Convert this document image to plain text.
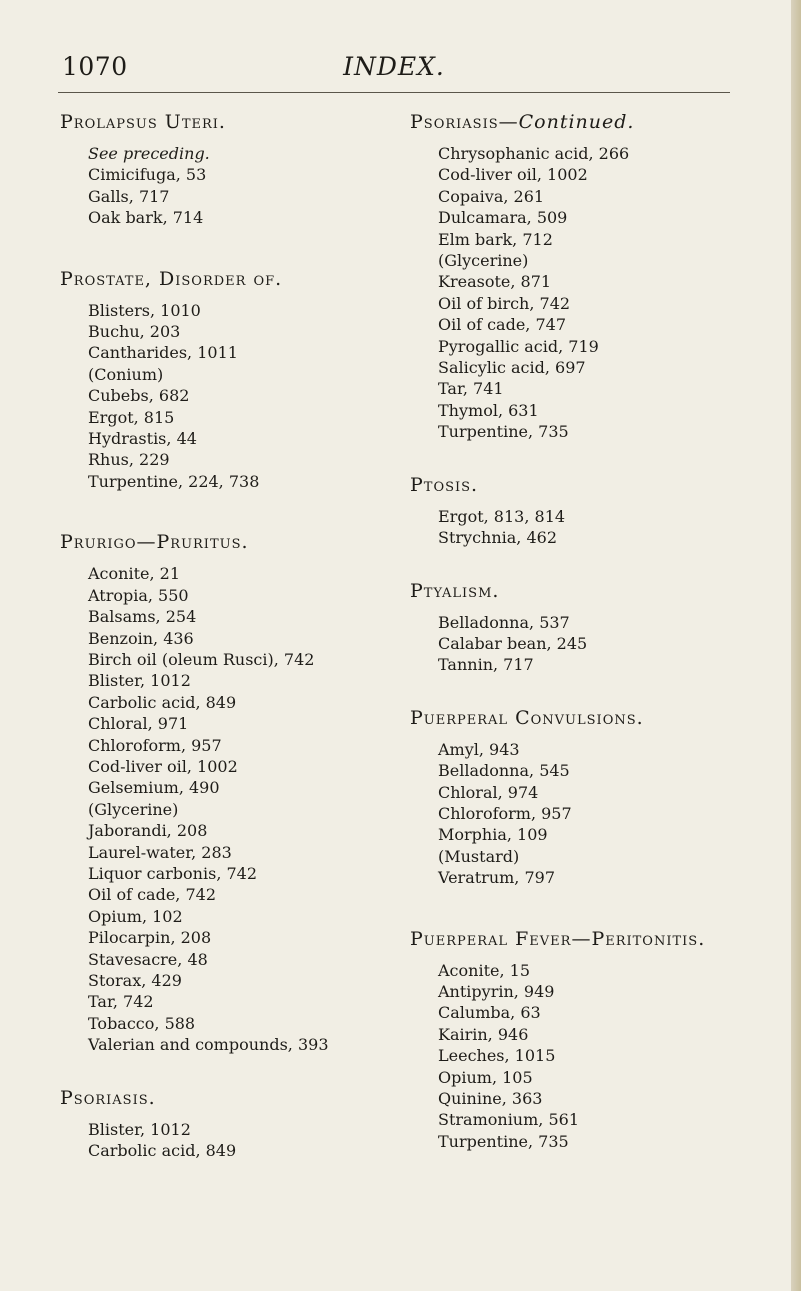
1070	INDEX.
Prolapsus Uteri.
See preceding.
Cimicifuga, 53
Galls, 717
Oak bark, 714
Prostate, Disorder of.
Blisters, 1010
Buchu, 203
Cantharides, 1011
(Conium)
Cubebs, 682
Ergot, 815
Hydrastis, 44
Rhus, 229
Turpentine, 224, 738
Prurigo—Pruritus.
Aconite, 21
Atropia, 550
Balsams, 254
Benzoin, 436
Birch oil (oleum Rusci), 742
Blister, 1012
Carbolic acid, 849
Chloral, 971
Chloroform, 957
Cod-liver oil, 1002
Gelsemium, 490
(Glycerine)
Jaborandi, 208
Laurel-water, 283
Liquor carbonis, 742
Oil of cade, 742
Opium, 102
Pilocarpin, 208
Stavesacre, 48
Storax, 429
Tar, 742
Tobacco, 588
Valerian and compounds, 393
Psoriasis.
Blister, 1012
Carbolic acid, 849
Psoriasis—Continued.
Chrysophanic acid, 266
Cod-liver oil, 1002
Copaiva, 261
Dulcamara, 509
Elm bark, 712
(Glycerine)
Kreasote, 871
Oil of birch, 742
Oil of cade, 747
Pyrogallic acid, 719
Salicylic acid, 697
Tar, 741
Thymol, 631
Turpentine, 735
Ptosis.
Ergot, 813, 814
Strychnia, 462
Ptyalism.
Belladonna, 537
Calabar bean, 245
Tannin, 717
Puerperal Convulsions.
Amyl, 943
Belladonna, 545
Chloral, 974
Chloroform, 957
Morphia, 109
(Mustard)
Veratrum, 797
Puerperal Fever—Peritonitis.
Aconite, 15
Antipyrin, 949
Calumba, 63
Kairin, 946
Leeches, 1015
Opium, 105
Quinine, 363
Stramonium, 561
Turpentine, 735
